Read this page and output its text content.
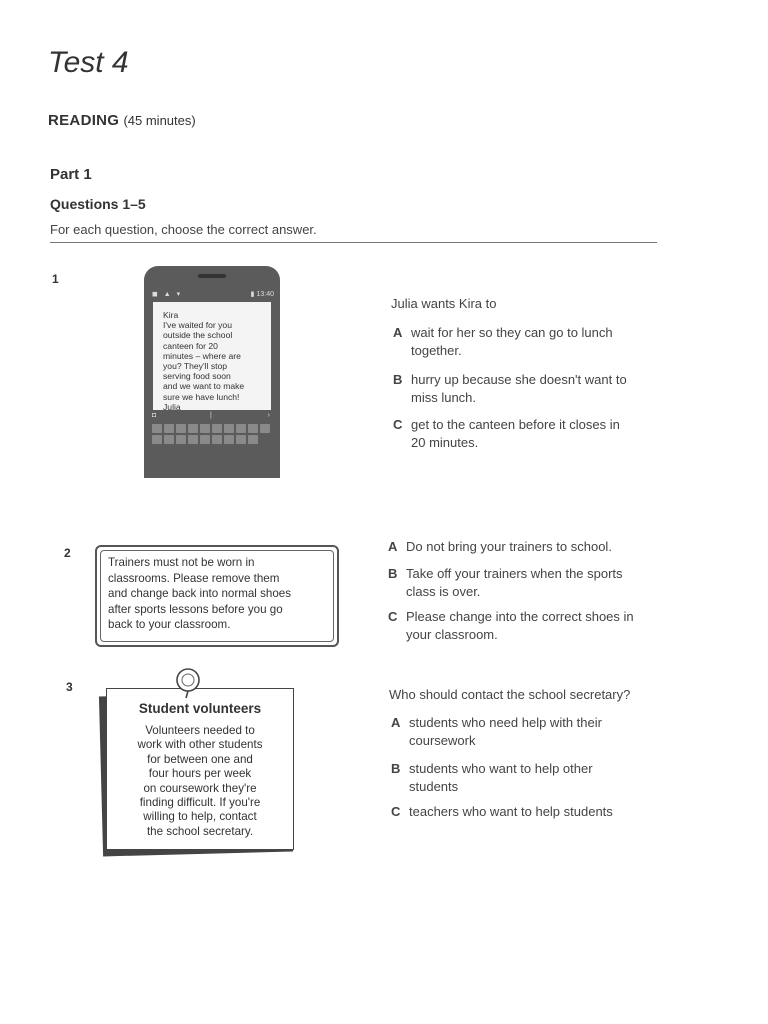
Test 4
READING (45 minutes)
Part 1
Questions 1–5
For each question, choose the correct answer.
1
◼ ▲ ▾	▮ 13:40
Kira
I've waited for you
outside the school
canteen for 20
minutes – where are
you? They'll stop
serving food soon
and we want to make
sure we have lunch!
Julia
◘	|	›
Julia wants Kira to
A wait for her so they can go to lunch
together.
B hurry up because she doesn't want to
miss lunch.
C get to the canteen before it closes in
20 minutes.
2
Trainers must not be worn in
classrooms. Please remove them
and change back into normal shoes
after sports lessons before you go
back to your classroom.
A Do not bring your trainers to school.
B Take off your trainers when the sports
class is over.
C Please change into the correct shoes in
your classroom.
3
Student volunteers
Volunteers needed to
work with other students
for between one and
four hours per week
on coursework they're
finding difficult. If you're
willing to help, contact
the school secretary.
Who should contact the school secretary?
A students who need help with their
coursework
B students who want to help other
students
C teachers who want to help students
